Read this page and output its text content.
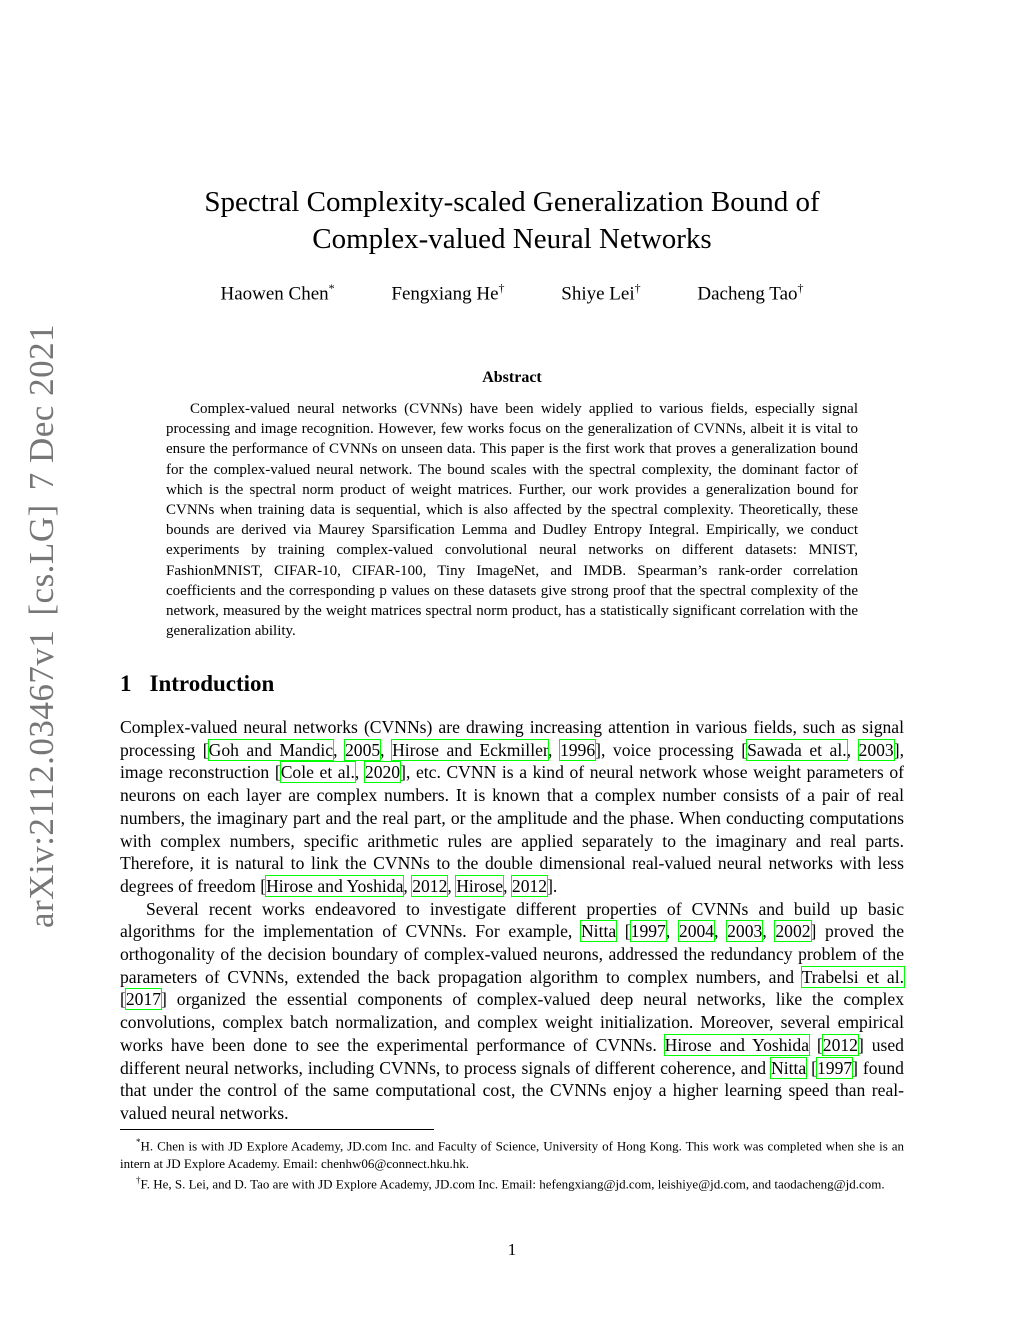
arXiv:2112.03467v1[cs.LG]7 Dec 2021
Spectral Complexity-scaled Generalization Bound of
Complex-valued Neural Networks
Haowen Chen*	Fengxiang He†	Shiye Lei†	Dacheng Tao†
Abstract

Complex-valued neural networks (CVNNs) have been widely applied to various fields, especially signal processing and image recognition. However, few works focus on the generalization of CVNNs, albeit it is vital to ensure the performance of CVNNs on unseen data. This paper is the first work that proves a generalization bound for the complex-valued neural network. The bound scales with the spectral complexity, the dominant factor of which is the spectral norm product of weight matrices. Further, our work provides a generalization bound for CVNNs when training data is sequential, which is also affected by the spectral complexity. Theoretically, these bounds are derived via Maurey Sparsification Lemma and Dudley Entropy Integral. Empirically, we conduct experiments by training complex-valued convolutional neural networks on different datasets: MNIST, FashionMNIST, CIFAR-10, CIFAR-100, Tiny ImageNet, and IMDB. Spearman’s rank-order correlation coefficients and the corresponding p values on these datasets give strong proof that the spectral complexity of the network, measured by the weight matrices spectral norm product, has a statistically significant correlation with the generalization ability.

1 Introduction

Complex-valued neural networks (CVNNs) are drawing increasing attention in various fields, such as signal processing [Goh and Mandic, 2005, Hirose and Eckmiller, 1996], voice processing [Sawada et al., 2003], image reconstruction [Cole et al., 2020], etc. CVNN is a kind of neural network whose weight parameters of neurons on each layer are complex numbers. It is known that a complex number consists of a pair of real numbers, the imaginary part and the real part, or the amplitude and the phase. When conducting computations with complex numbers, specific arithmetic rules are applied separately to the imaginary and real parts. Therefore, it is natural to link the CVNNs to the double dimensional real-valued neural networks with less degrees of freedom [Hirose and Yoshida, 2012, Hirose, 2012].

Several recent works endeavored to investigate different properties of CVNNs and build up basic algorithms for the implementation of CVNNs. For example, Nitta [1997, 2004, 2003, 2002] proved the orthogonality of the decision boundary of complex-valued neurons, addressed the redundancy problem of the parameters of CVNNs, extended the back propagation algorithm to complex numbers, and Trabelsi et al. [2017] organized the essential components of complex-valued deep neural networks, like the complex convolutions, complex batch normalization, and complex weight initialization. Moreover, several empirical works have been done to see the experimental performance of CVNNs. Hirose and Yoshida [2012] used different neural networks, including CVNNs, to process signals of different coherence, and Nitta [1997] found that under the control of the same computational cost, the CVNNs enjoy a higher learning speed than real-valued neural networks.

*H. Chen is with JD Explore Academy, JD.com Inc. and Faculty of Science, University of Hong Kong. This work was completed when she is an intern at JD Explore Academy. Email: chenhw06@connect.hku.hk.

†F. He, S. Lei, and D. Tao are with JD Explore Academy, JD.com Inc. Email: hefengxiang@jd.com, leishiye@jd.com, and taodacheng@jd.com.

1
